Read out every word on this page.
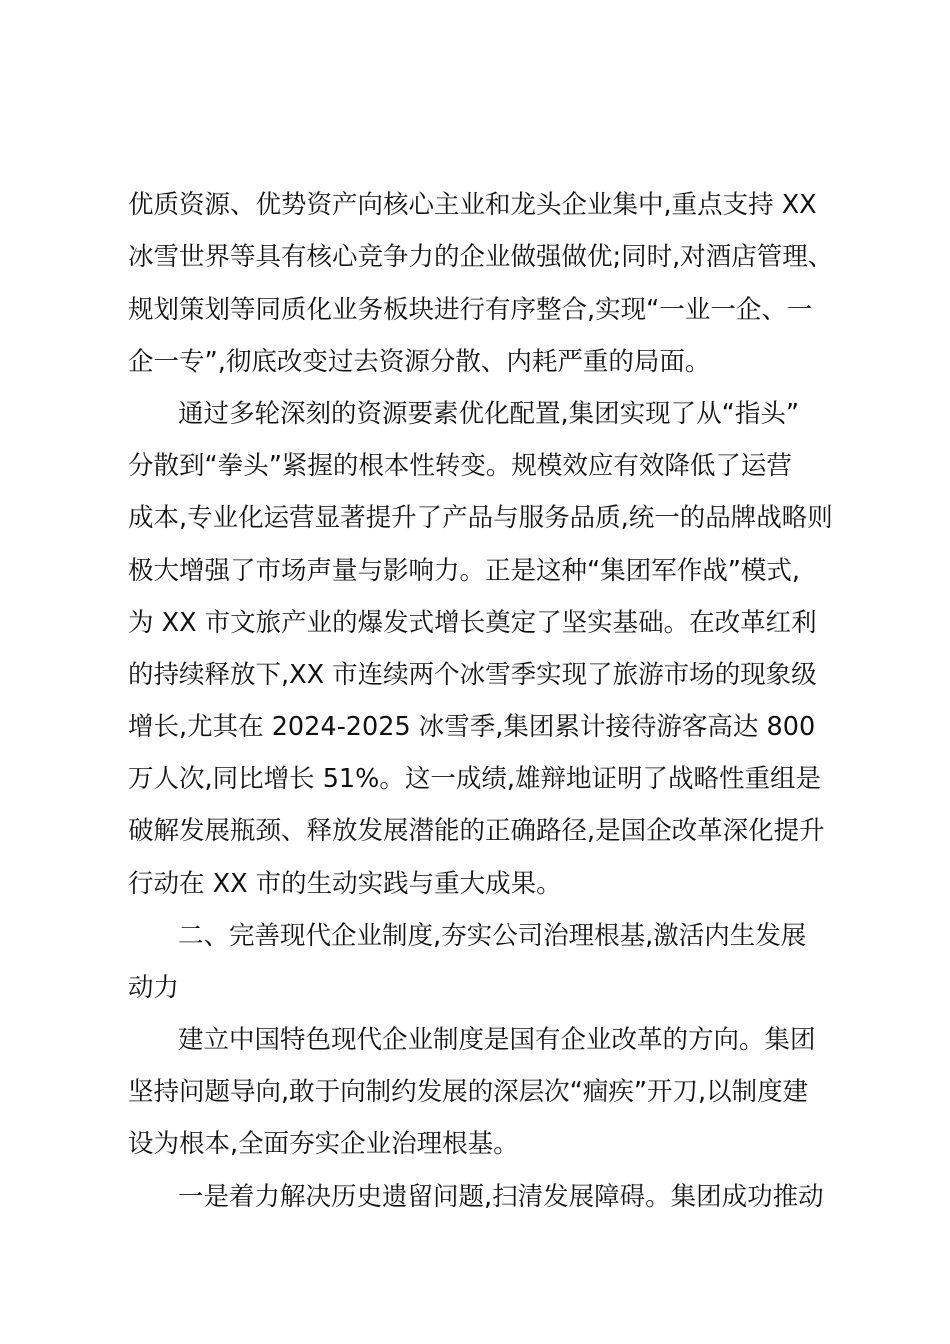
优质资源、优势资产向核心主业和龙头企业集中,重点支持 XX
冰雪世界等具有核心竞争力的企业做强做优;同时,对酒店管理、
规划策划等同质化业务板块进行有序整合,实现“一业一企、一
企一专”,彻底改变过去资源分散、内耗严重的局面。
通过多轮深刻的资源要素优化配置,集团实现了从“指头”
分散到“拳头”紧握的根本性转变。规模效应有效降低了运营
成本,专业化运营显著提升了产品与服务品质,统一的品牌战略则
极大增强了市场声量与影响力。正是这种“集团军作战”模式,
为 XX 市文旅产业的爆发式增长奠定了坚实基础。在改革红利
的持续释放下,XX 市连续两个冰雪季实现了旅游市场的现象级
增长,尤其在 2024-2025 冰雪季,集团累计接待游客高达 800
万人次,同比增长 51%。这一成绩,雄辩地证明了战略性重组是
破解发展瓶颈、释放发展潜能的正确路径,是国企改革深化提升
行动在 XX 市的生动实践与重大成果。
二、完善现代企业制度,夯实公司治理根基,激活内生发展
动力
建立中国特色现代企业制度是国有企业改革的方向。集团
坚持问题导向,敢于向制约发展的深层次“痼疾”开刀,以制度建
设为根本,全面夯实企业治理根基。
一是着力解决历史遗留问题,扫清发展障碍。集团成功推动
